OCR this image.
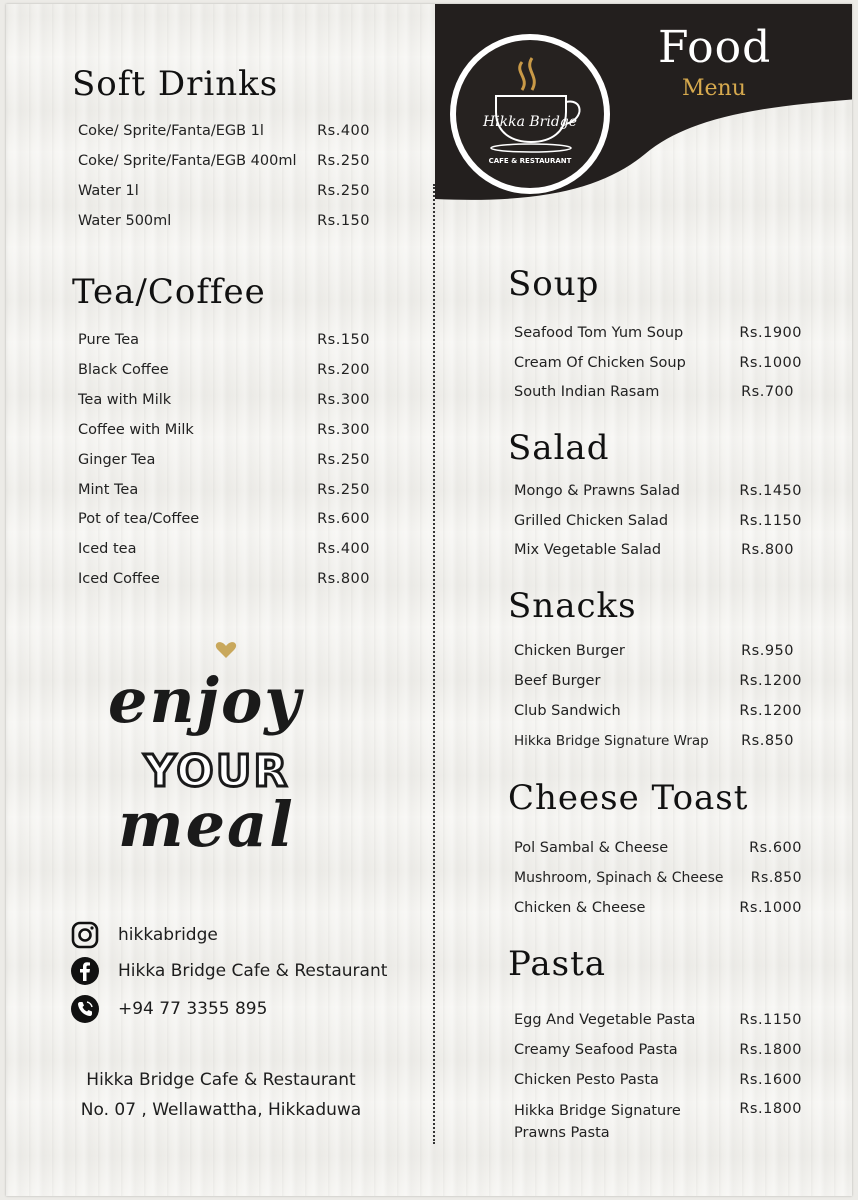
Hikka Bridge
CAFE & RESTAURANT
Food
Menu
Soft Drinks
Coke/ Sprite/Fanta/EGB 1l	Rs.400
Coke/ Sprite/Fanta/EGB 400ml Rs.250
Water 1l	Rs.250
Water 500ml	Rs.150
Tea/Coffee
Pure Tea	Rs.150
Black Coffee	Rs.200
Tea with Milk	Rs.300
Coffee with Milk	Rs.300
Ginger Tea	Rs.250
Mint Tea	Rs.250
Pot of tea/Coffee	Rs.600
Iced tea	Rs.400
Iced Coffee	Rs.800
enjoy
YOUR
meal
hikkabridge
Hikka Bridge Cafe & Restaurant
+94 77 3355 895
Hikka Bridge Cafe & Restaurant
No. 07 , Wellawattha, Hikkaduwa
Soup
Seafood Tom Yum Soup	Rs.1900
Cream Of Chicken Soup	Rs.1000
South Indian Rasam	Rs.700
Salad
Mongo & Prawns Salad	Rs.1450
Grilled Chicken Salad	Rs.1150
Mix Vegetable Salad	Rs.800
Snacks
Chicken Burger	Rs.950
Beef Burger	Rs.1200
Club Sandwich	Rs.1200
Hikka Bridge Signature Wrap Rs.850
Cheese Toast
Pol Sambal & Cheese	Rs.600
Mushroom, Spinach & Cheese Rs.850
Chicken & Cheese	Rs.1000
Pasta
Egg And Vegetable Pasta	Rs.1150
Creamy Seafood Pasta	Rs.1800
Chicken Pesto Pasta	Rs.1600
Hikka Bridge Signature
Prawns Pasta
Rs.1800
